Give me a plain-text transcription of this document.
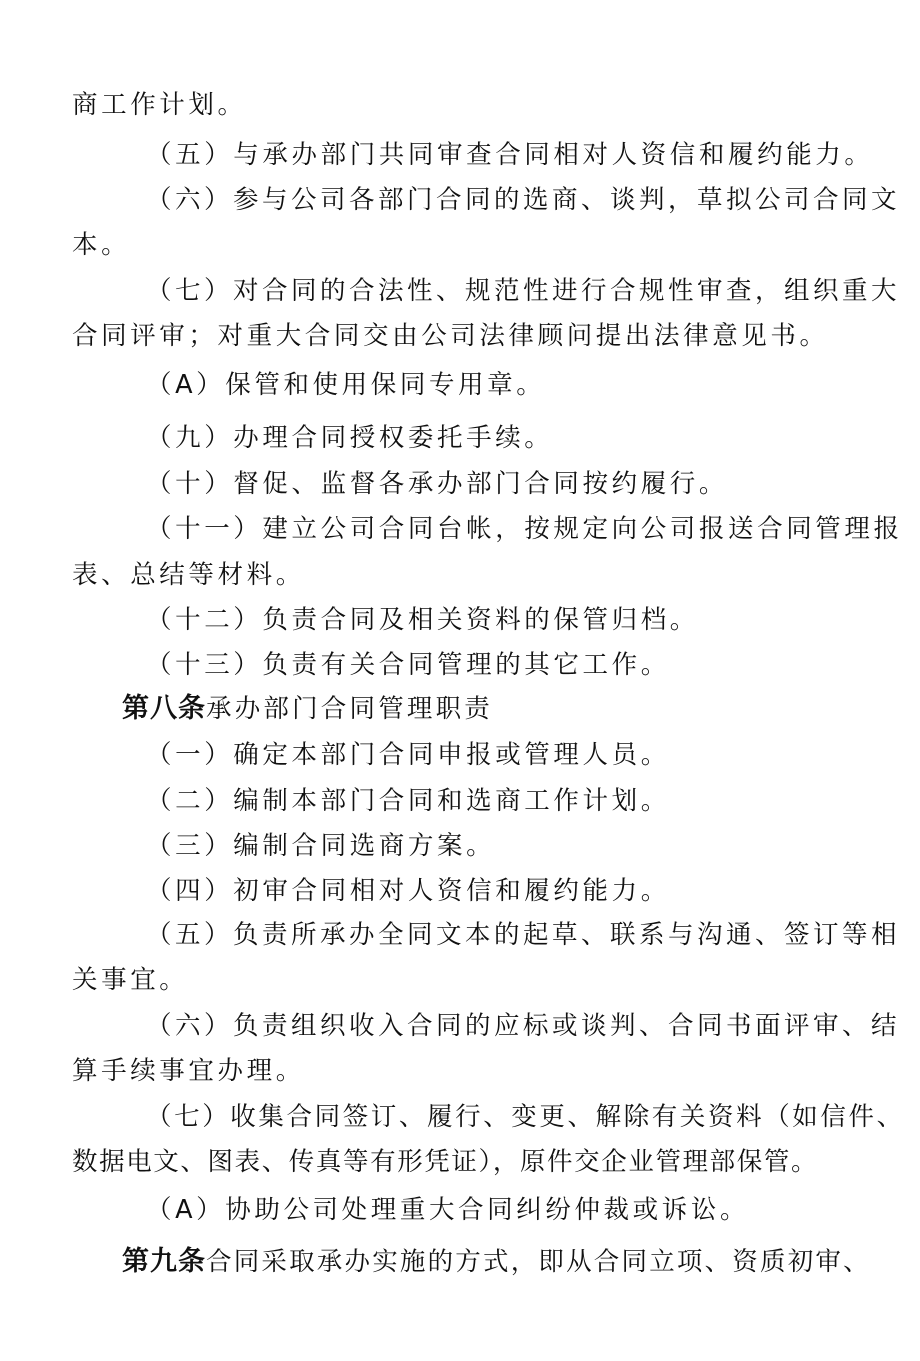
商工作计划。
（五）与承办部门共同审查合同相对人资信和履约能力。
（六）参与公司各部门合同的选商、谈判，草拟公司合同文
本。
（七）对合同的合法性、规范性进行合规性审查，组织重大
合同评审；对重大合同交由公司法律顾问提出法律意见书。
（A）保管和使用保同专用章。
（九）办理合同授权委托手续。
（十）督促、监督各承办部门合同按约履行。
（十一）建立公司合同台帐，按规定向公司报送合同管理报
表、总结等材料。
（十二）负责合同及相关资料的保管归档。
（十三）负责有关合同管理的其它工作。
第八条承办部门合同管理职责
（一）确定本部门合同申报或管理人员。
（二）编制本部门合同和选商工作计划。
（三）编制合同选商方案。
（四）初审合同相对人资信和履约能力。
（五）负责所承办全同文本的起草、联系与沟通、签订等相
关事宜。
（六）负责组织收入合同的应标或谈判、合同书面评审、结
算手续事宜办理。
（七）收集合同签订、履行、变更、解除有关资料（如信件、
数据电文、图表、传真等有形凭证），原件交企业管理部保管。
（A）协助公司处理重大合同纠纷仲裁或诉讼。
第九条合同采取承办实施的方式，即从合同立项、资质初审、
